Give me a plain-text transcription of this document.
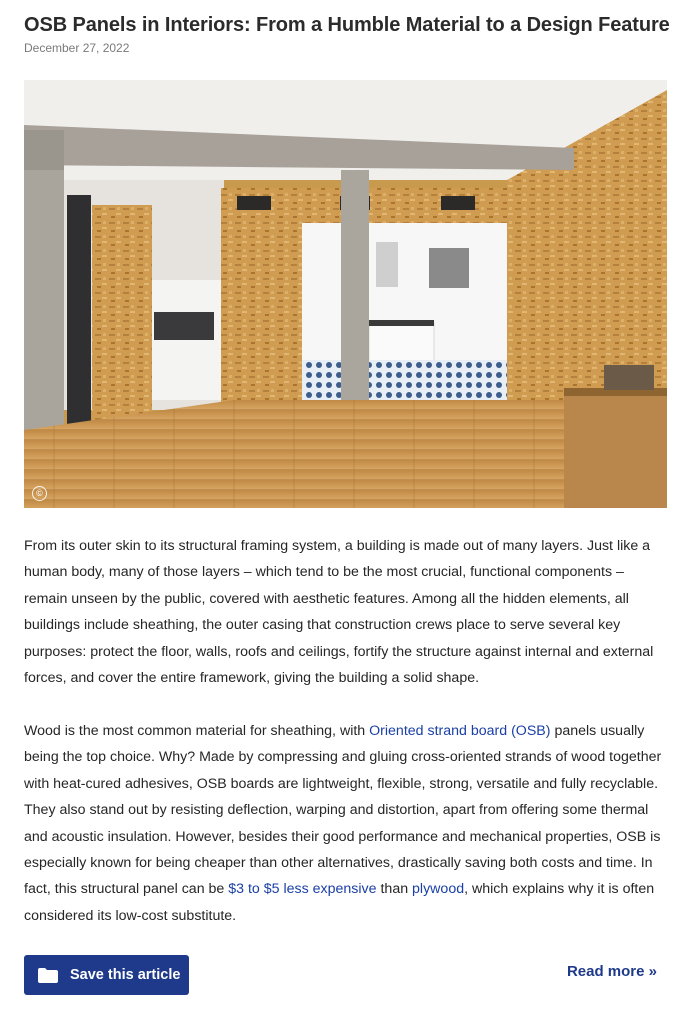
OSB Panels in Interiors: From a Humble Material to a Design Feature
December 27, 2022
©

From its outer skin to its structural framing system, a building is made out of many layers. Just like a human body, many of those layers – which tend to be the most crucial, functional components – remain unseen by the public, covered with aesthetic features. Among all the hidden elements, all buildings include sheathing, the outer casing that construction crews place to serve several key purposes: protect the floor, walls, roofs and ceilings, fortify the structure against internal and external forces, and cover the entire framework, giving the building a solid shape.

Wood is the most common material for sheathing, with Oriented strand board (OSB) panels usually being the top choice. Why? Made by compressing and gluing cross-oriented strands of wood together with heat-cured adhesives, OSB boards are lightweight, flexible, strong, versatile and fully recyclable. They also stand out by resisting deflection, warping and distortion, apart from offering some thermal and acoustic insulation. However, besides their good performance and mechanical properties, OSB is especially known for being cheaper than other alternatives, drastically saving both costs and time. In fact, this structural panel can be $3 to $5 less expensive than plywood, which explains why it is often considered its low-cost substitute.

Save this article	Read more »
